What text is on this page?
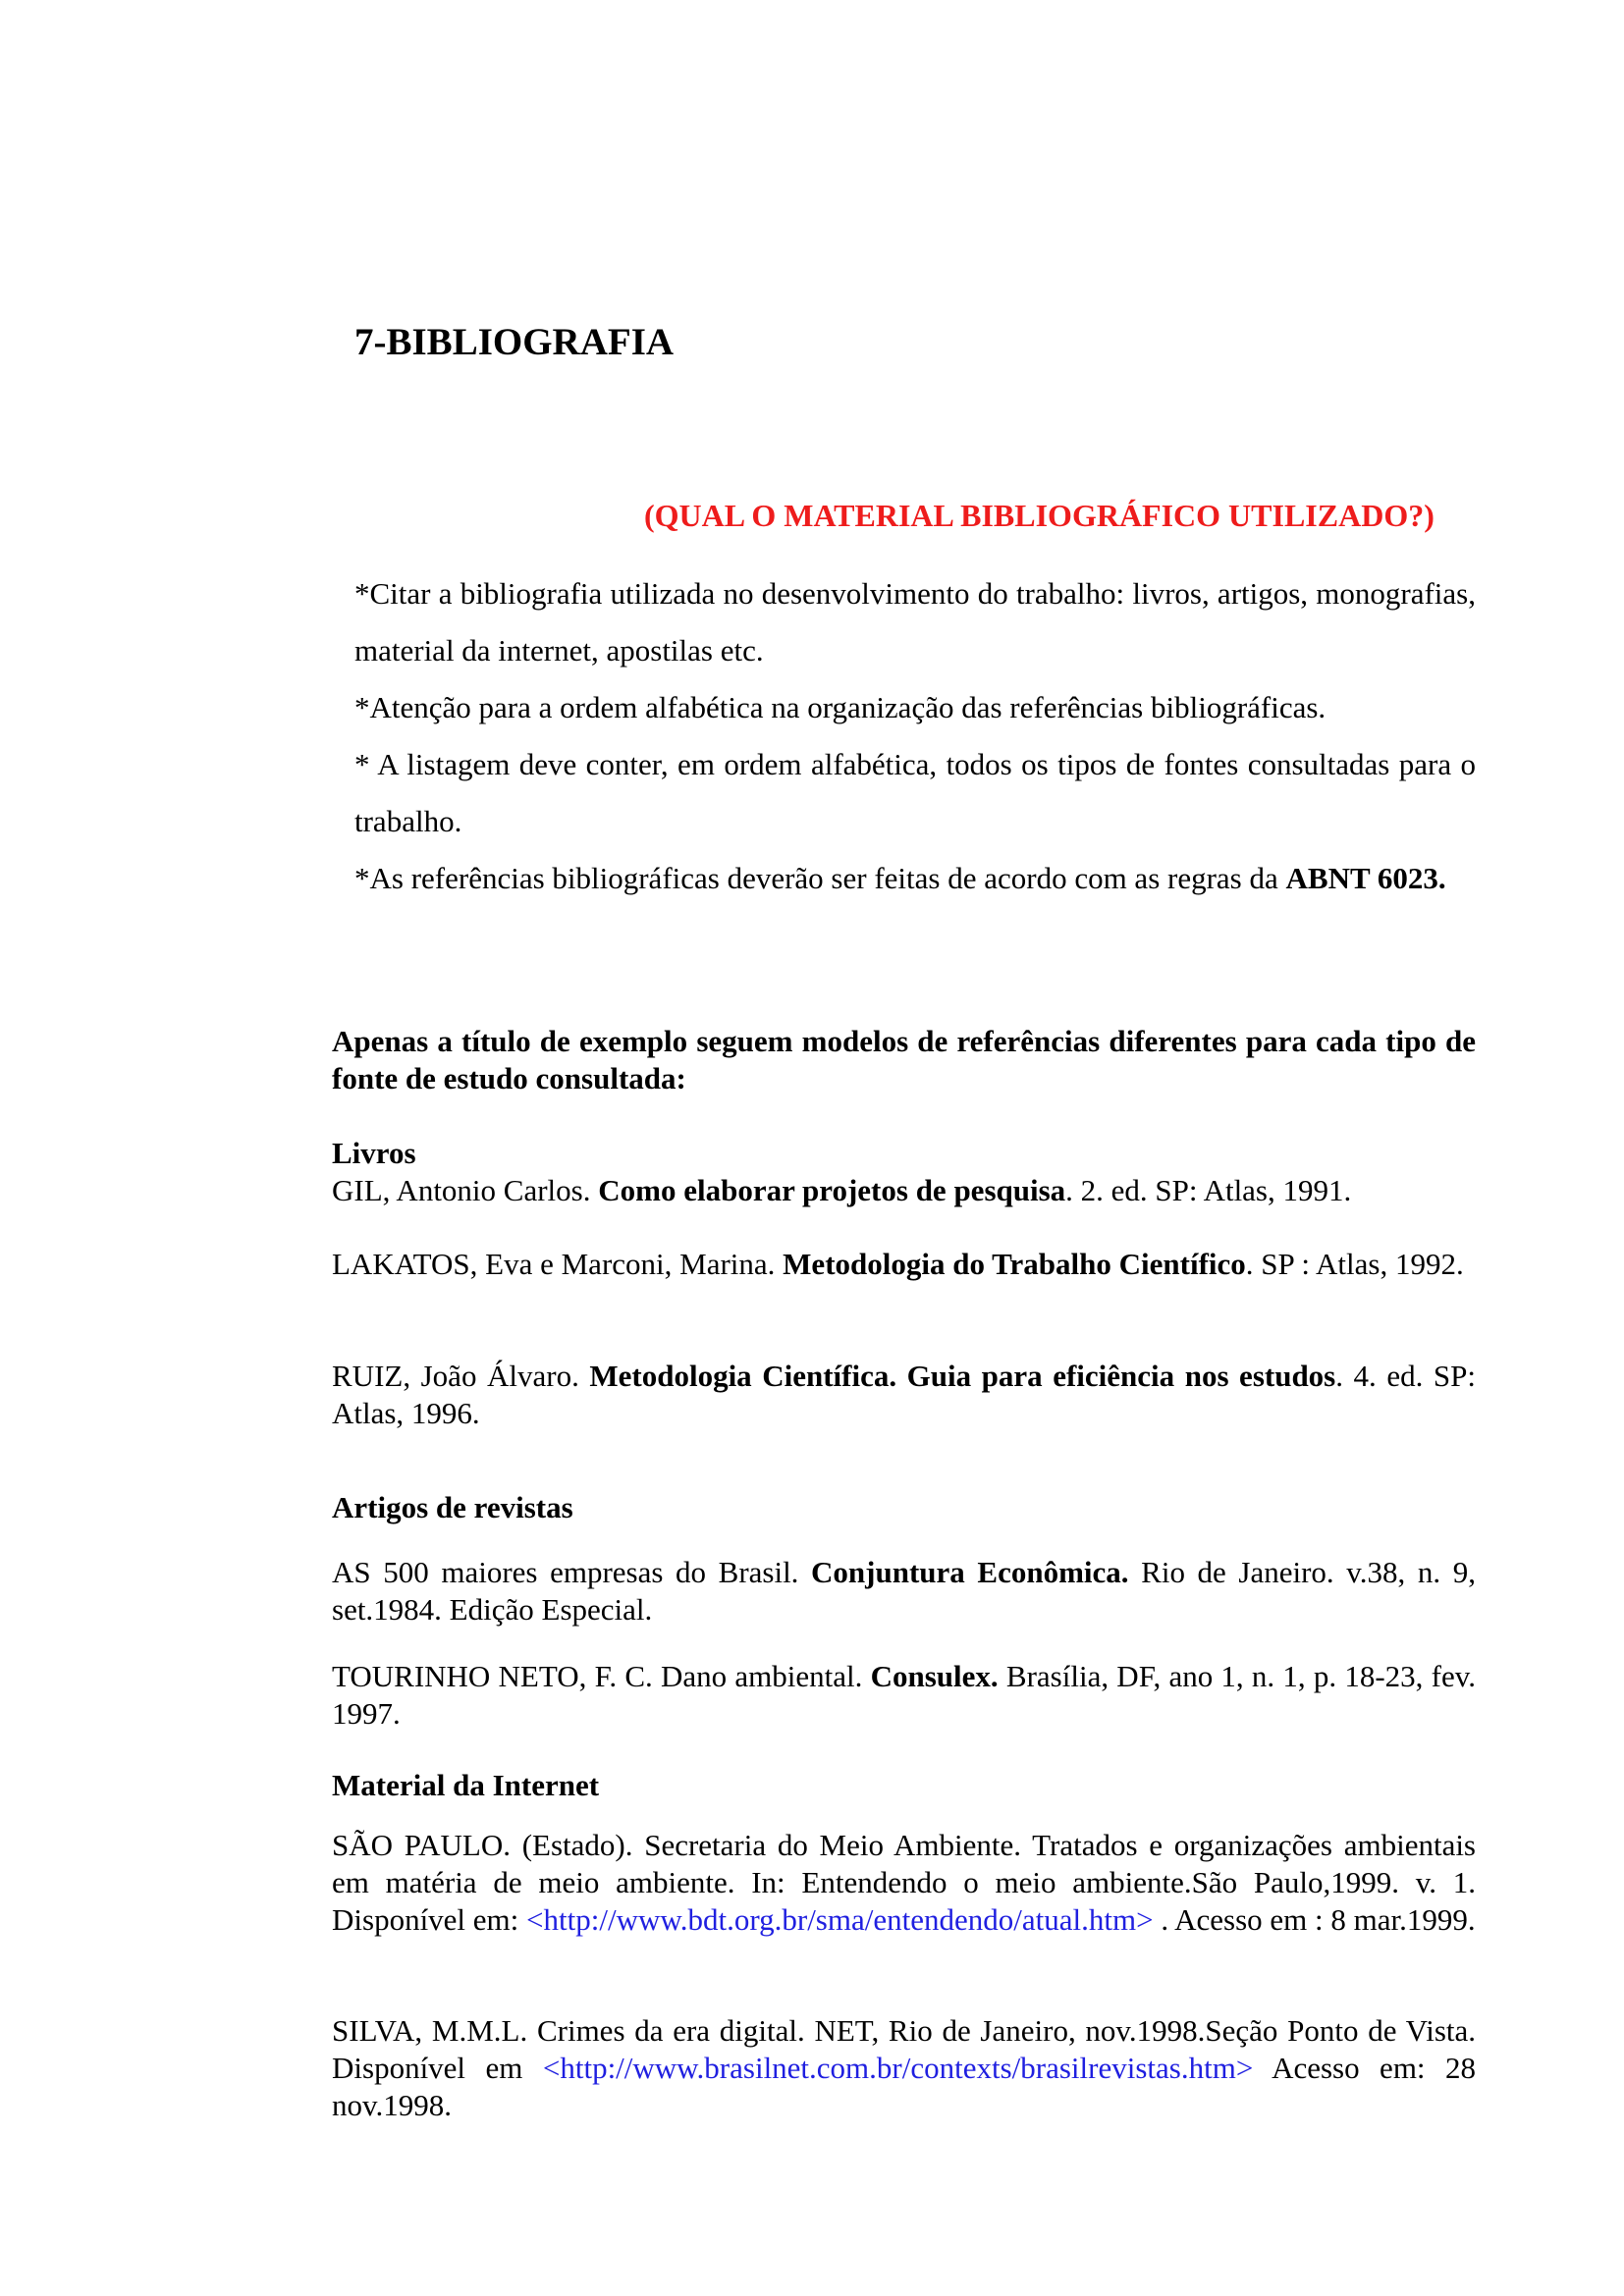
7-BIBLIOGRAFIA
(QUAL O MATERIAL BIBLIOGRÁFICO UTILIZADO?)

*Citar a bibliografia utilizada no desenvolvimento do trabalho: livros, artigos, monografias, material da internet, apostilas etc.

*Atenção para a ordem alfabética na organização das referências bibliográficas.

* A listagem deve conter, em ordem alfabética, todos os tipos de fontes consultadas para o trabalho.

*As referências bibliográficas deverão ser feitas de acordo com as regras da ABNT 6023.

Apenas a título de exemplo seguem modelos de referências diferentes para cada tipo de fonte de estudo consultada:

Livros

GIL, Antonio Carlos. Como elaborar projetos de pesquisa. 2. ed. SP: Atlas, 1991.

LAKATOS, Eva e Marconi, Marina. Metodologia do Trabalho Científico. SP : Atlas, 1992.

RUIZ, João Álvaro. Metodologia Científica. Guia para eficiência nos estudos. 4. ed. SP: Atlas, 1996.

Artigos de revistas

AS 500 maiores empresas do Brasil. Conjuntura Econômica. Rio de Janeiro. v.38, n. 9, set.1984. Edição Especial.

TOURINHO NETO, F. C. Dano ambiental. Consulex. Brasília, DF, ano 1, n. 1, p. 18-23, fev. 1997.

Material da Internet

SÃO PAULO. (Estado). Secretaria do Meio Ambiente. Tratados e organizações ambientais em matéria de meio ambiente. In: Entendendo o meio ambiente.São Paulo,1999. v. 1. Disponível em: <http://www.bdt.org.br/sma/entendendo/atual.htm> . Acesso em : 8 mar.1999.

SILVA, M.M.L. Crimes da era digital. NET, Rio de Janeiro, nov.1998.Seção Ponto de Vista. Disponível em <http://www.brasilnet.com.br/contexts/brasilrevistas.htm> Acesso em: 28 nov.1998.
